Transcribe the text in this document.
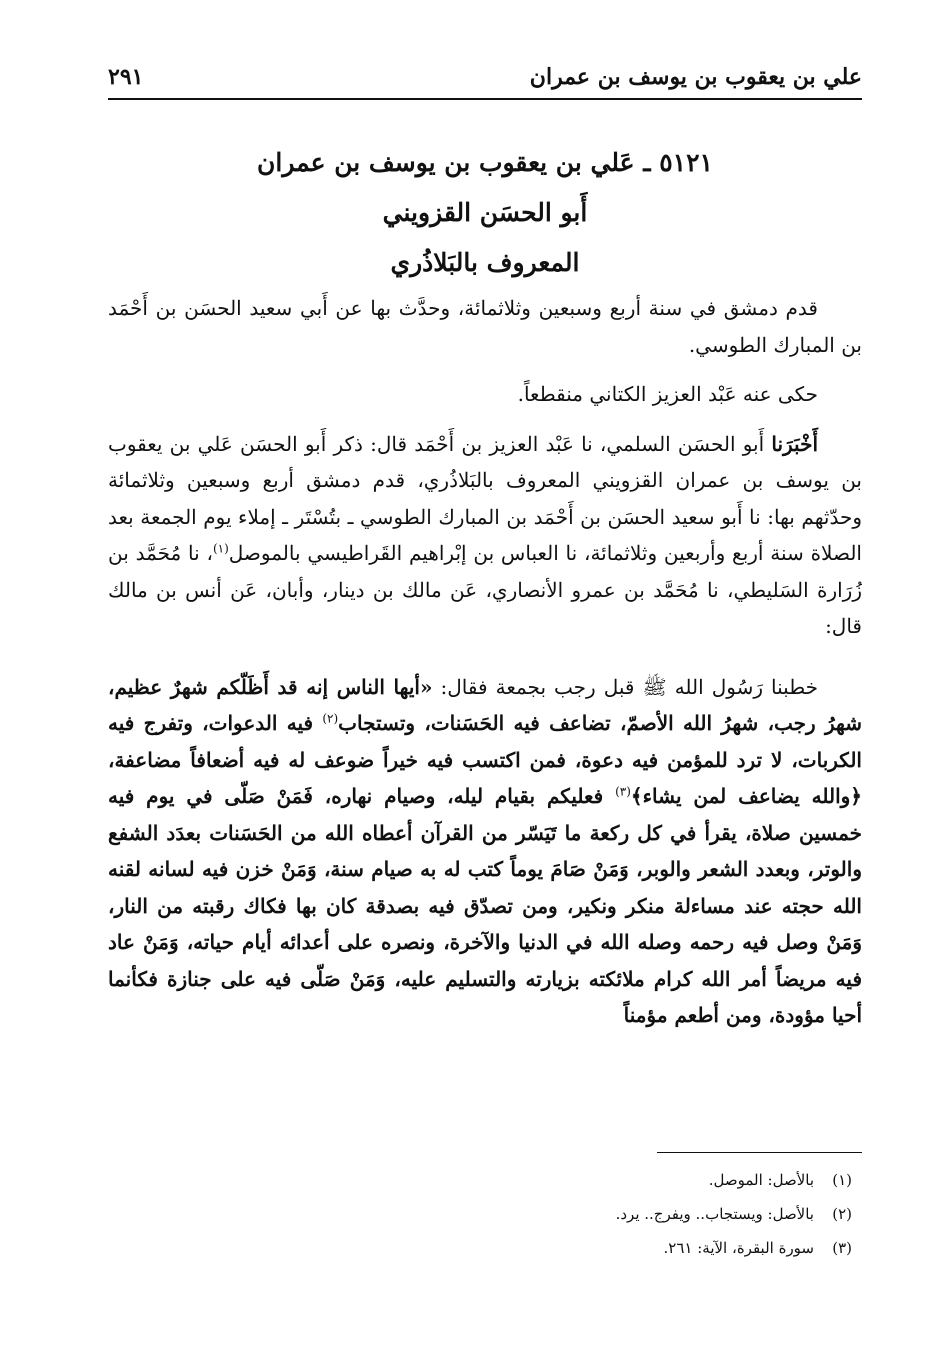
علي بن يعقوب بن يوسف بن عمران
٢٩١
٥١٢١ ـ عَلي بن يعقوب بن يوسف بن عمران
أَبو الحسَن القزويني
المعروف بالبَلاذُري

قدم دمشق في سنة أربع وسبعين وثلاثمائة، وحدَّث بها عن أَبي سعيد الحسَن بن أَحْمَد بن المبارك الطوسي.

حكى عنه عَبْد العزيز الكتاني منقطعاً.

أَخْبَرَنا أَبو الحسَن السلمي، نا عَبْد العزيز بن أَحْمَد قال: ذكر أَبو الحسَن عَلي بن يعقوب بن يوسف بن عمران القزويني المعروف بالبَلاذُري، قدم دمشق أربع وسبعين وثلاثمائة وحدّثهم بها: نا أَبو سعيد الحسَن بن أَحْمَد بن المبارك الطوسي ـ بتُسْتَر ـ إملاء يوم الجمعة بعد الصلاة سنة أربع وأربعين وثلاثمائة، نا العباس بن إبْراهيم القَراطيسي بالموصل$^{(١)}$، نا مُحَمَّد بن زُرَارة السَليطي، نا مُحَمَّد بن عمرو الأنصاري، عَن مالك بن دينار، وأبان، عَن أنس بن مالك قال:

خطبنا رَسُول الله ﷺ قبل رجب بجمعة فقال: «أيها الناس إنه قد أَظَلّكم شهرٌ عظيم، شهرُ رجب، شهرُ الله الأصمّ، تضاعف فيه الحَسَنات، وتستجاب$^{(٢)}$ فيه الدعوات، وتفرج فيه الكربات، لا ترد للمؤمن فيه دعوة، فمن اكتسب فيه خيراً ضوعف له فيه أضعافاً مضاعفة، ﴿والله يضاعف لمن يشاء﴾$^{(٣)}$ فعليكم بقيام ليله، وصيام نهاره، فَمَنْ صَلّى في يوم فيه خمسين صلاة، يقرأ في كل ركعة ما تَيَسّر من القرآن أعطاه الله من الحَسَنات بعدَد الشفع والوتر، وبعدد الشعر والوبر، وَمَنْ صَامَ يوماً كتب له به صيام سنة، وَمَنْ خزن فيه لسانه لقنه الله حجته عند مساءلة منكر ونكير، ومن تصدّق فيه بصدقة كان بها فكاك رقبته من النار، وَمَنْ وصل فيه رحمه وصله الله في الدنيا والآخرة، ونصره على أعدائه أيام حياته، وَمَنْ عاد فيه مريضاً أمر الله كرام ملائكته بزيارته والتسليم عليه، وَمَنْ صَلّى فيه على جنازة فكأنما أحيا مؤودة، ومن أطعم مؤمناً

(١)بالأصل: الموصل.
(٢)بالأصل: ويستجاب.. ويفرج.. يرد.
(٣)سورة البقرة، الآية: ٢٦١.
